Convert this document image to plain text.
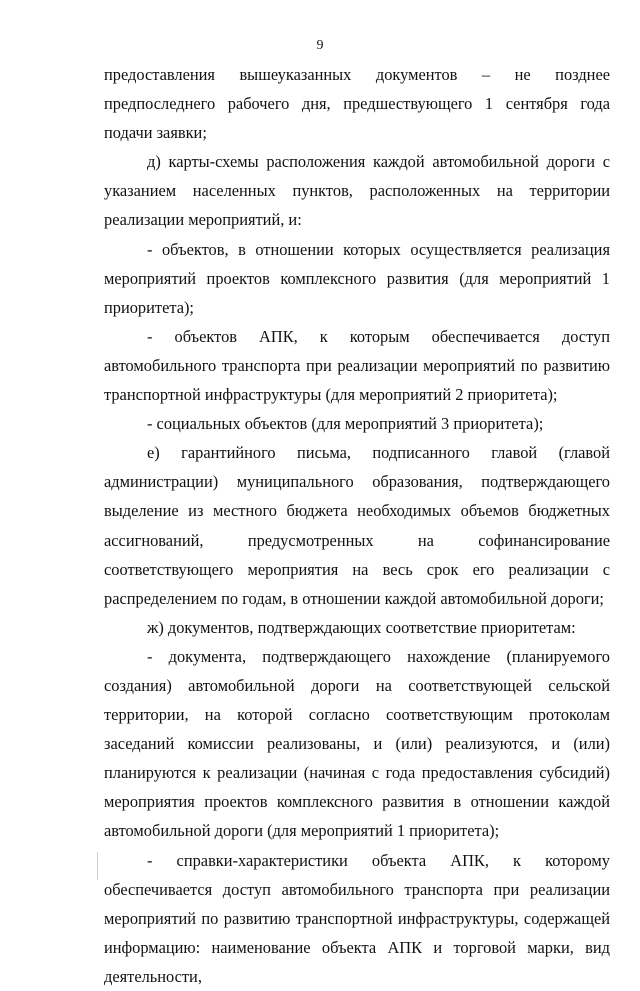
9

предоставления вышеуказанных документов – не позднее предпоследнего рабочего дня, предшествующего 1 сентября года подачи заявки;

д) карты-схемы расположения каждой автомобильной дороги с указанием населенных пунктов, расположенных на территории реализации мероприятий, и:

- объектов, в отношении которых осуществляется реализация мероприятий проектов комплексного развития (для мероприятий 1 приоритета);

- объектов АПК, к которым обеспечивается доступ автомобильного транспорта при реализации мероприятий по развитию транспортной инфраструктуры (для мероприятий 2 приоритета);

- социальных объектов (для мероприятий 3 приоритета);

е) гарантийного письма, подписанного главой (главой администрации) муниципального образования, подтверждающего выделение из местного бюджета необходимых объемов бюджетных ассигнований, предусмотренных на софинансирование соответствующего мероприятия на весь срок его реализации с распределением по годам, в отношении каждой автомобильной дороги;

ж) документов, подтверждающих соответствие приоритетам:

- документа, подтверждающего нахождение (планируемого создания) автомобильной дороги на соответствующей сельской территории, на которой согласно соответствующим протоколам заседаний комиссии реализованы, и (или) реализуются, и (или) планируются к реализации (начиная с года предоставления субсидий) мероприятия проектов комплексного развития в отношении каждой автомобильной дороги (для мероприятий 1 приоритета);

- справки-характеристики объекта АПК, к которому обеспечивается доступ автомобильного транспорта при реализации мероприятий по развитию транспортной инфраструктуры, содержащей информацию: наименование объекта АПК и торговой марки, вид деятельности,
